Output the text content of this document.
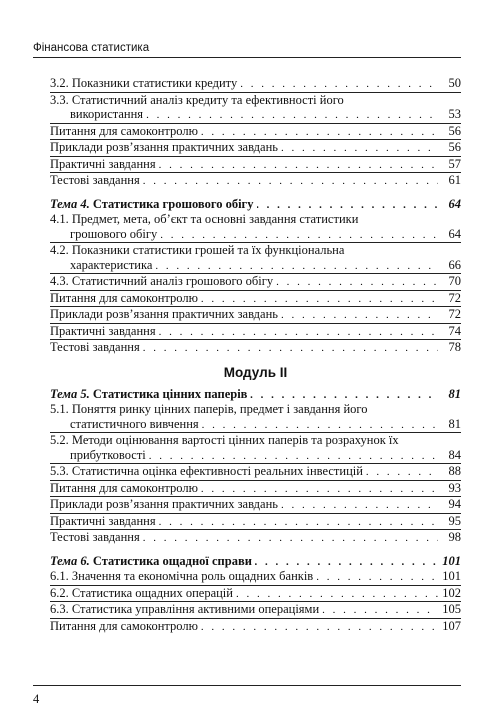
Фінансова статистика
3.2. Показники статистики кредиту . . .	50
3.3. Статистичний аналіз кредиту та ефективності його
використання . . .	53
Питання для самоконтролю . . .	56
Приклади розв’язання практичних завдань . . .	56
Практичні завдання . . .	57
Тестові завдання . . .	61
Тема 4. Статистика грошового обігу . . .	64
4.1. Предмет, мета, об’єкт та основні завдання статистики
грошового обігу . . .	64
4.2. Показники статистики грошей та їх функціональна
характеристика . . .	66
4.3. Статистичний аналіз грошового обігу . . .	70
Питання для самоконтролю . . .	72
Приклади розв’язання практичних завдань . . .	72
Практичні завдання . . .	74
Тестові завдання . . .	78
Модуль ІІ
Тема 5. Статистика цінних паперів . . .	81
5.1. Поняття ринку цінних паперів, предмет і завдання його
статистичного вивчення . . .	81
5.2. Методи оцінювання вартості цінних паперів та розрахунок їх
прибутковості . . .	84
5.3. Статистична оцінка ефективності реальних інвестицій . . .	88
Питання для самоконтролю . . .	93
Приклади розв’язання практичних завдань . . .	94
Практичні завдання . . .	95
Тестові завдання . . .	98
Тема 6. Статистика ощадної справи . . .	101
6.1. Значення та економічна роль ощадних банків . . .	101
6.2. Статистика ощадних операцій . . .	102
6.3. Статистика управління активними операціями . . .	105
Питання для самоконтролю . . .	107
4
